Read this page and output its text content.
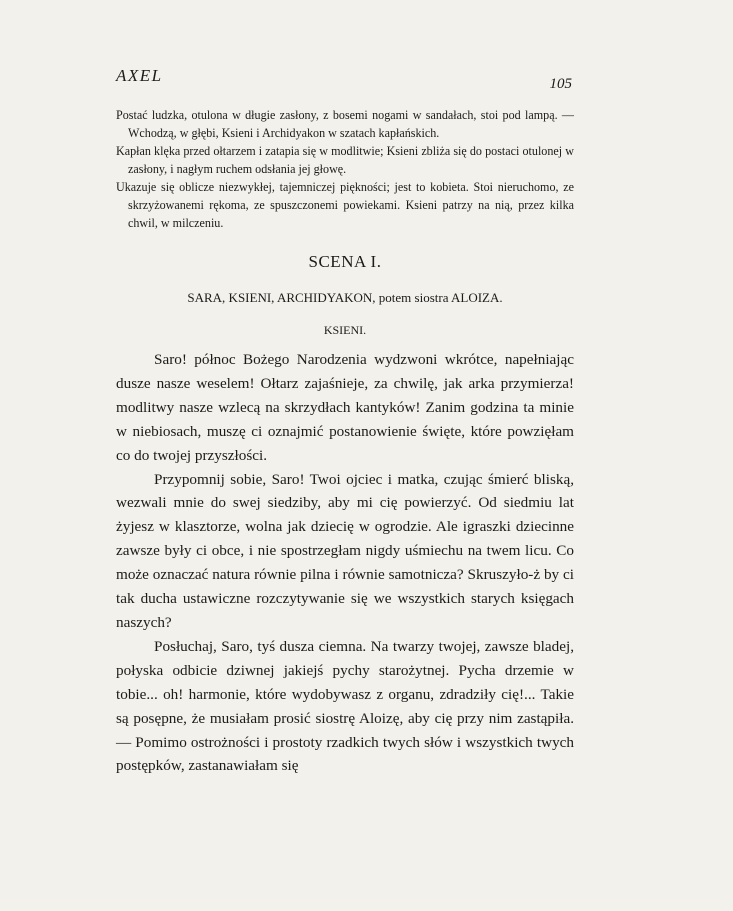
AXEL	105

Postać ludzka, otulona w długie zasłony, z bosemi nogami w sandałach, stoi pod lampą. — Wchodzą, w głębi, Ksieni i Archidyakon w szatach kapłańskich.

Kapłan klęka przed ołtarzem i zatapia się w modlitwie; Ksieni zbliża się do postaci otulonej w zasłony, i nagłym ruchem odsłania jej głowę.

Ukazuje się oblicze niezwykłej, tajemniczej piękności; jest to kobieta. Stoi nieruchomo, ze skrzyżowanemi rękoma, ze spuszczonemi powiekami. Ksieni patrzy na nią, przez kilka chwil, w milczeniu.

SCENA I.
SARA, KSIENI, ARCHIDYAKON, potem siostra ALOIZA.
KSIENI.

Saro! północ Bożego Narodzenia wydzwoni wkrótce, napełniając dusze nasze weselem! Ołtarz zajaśnieje, za chwilę, jak arka przymierza! modlitwy nasze wzlecą na skrzydłach kantyków! Zanim godzina ta minie w niebiosach, muszę ci oznajmić postanowienie święte, które powzięłam co do twojej przyszłości.

Przypomnij sobie, Saro! Twoi ojciec i matka, czując śmierć bliską, wezwali mnie do swej siedziby, aby mi cię powierzyć. Od siedmiu lat żyjesz w klasztorze, wolna jak dziecię w ogrodzie. Ale igraszki dziecinne zawsze były ci obce, i nie spostrzegłam nigdy uśmiechu na twem licu. Co może oznaczać natura równie pilna i równie samotnicza? Skruszyło-ż by ci tak ducha ustawiczne rozczytywanie się we wszystkich starych księgach naszych?

Posłuchaj, Saro, tyś dusza ciemna. Na twarzy twojej, zawsze bladej, połyska odbicie dziwnej jakiejś pychy starożytnej. Pycha drzemie w tobie... oh! harmonie, które wydobywasz z organu, zdradziły cię!... Takie są posępne, że musiałam prosić siostrę Aloizę, aby cię przy nim zastąpiła. — Pomimo ostrożności i prostoty rzadkich twych słów i wszystkich twych postępków, zastanawiałam się
